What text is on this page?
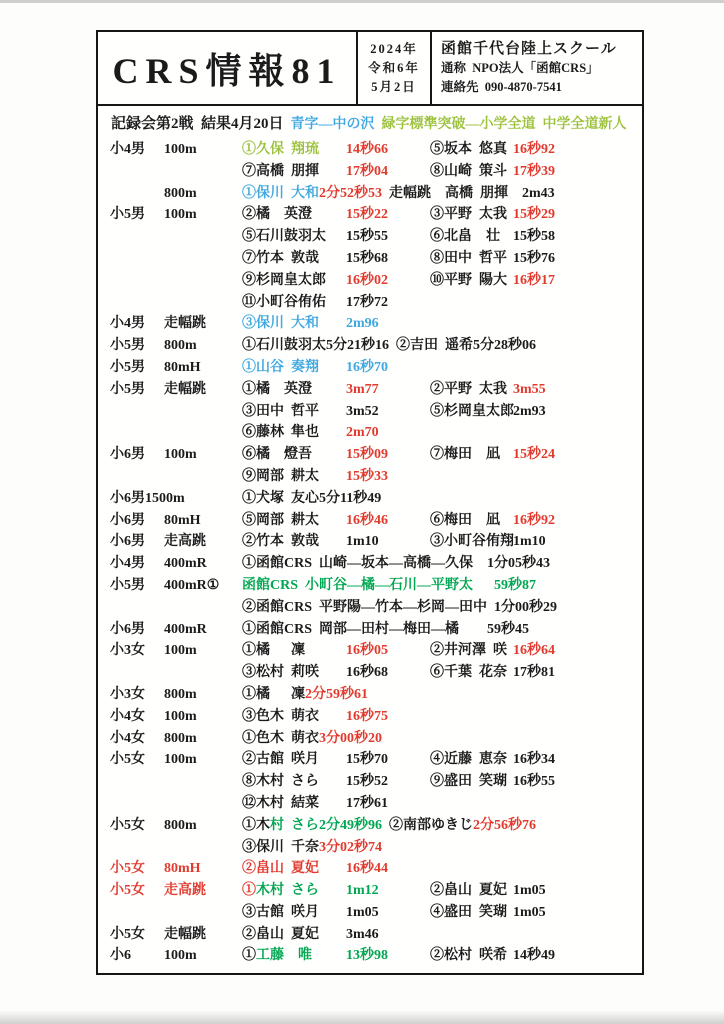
CRS情報81
2024年
令和6年
5月2日
函館千代台陸上スクール
通称  NPO法人「函館CRS」
連絡先  090-4870-7541
記録会第2戦  結果4月20日  青字—中の沢  緑字標準突破—小学全道  中学全道新人
小4男	100m	①久保  翔琉	14秒66	⑤坂本  悠真 16秒92
⑦高橋  朋揮	17秒04	⑧山崎  策斗 17秒39
800m	①保川  大和2分52秒53  走幅跳    高橋  朋揮    2m43
小5男	100m	②橘    英澄	15秒22	③平野  太我 15秒29
⑤石川鼓羽太	15秒55	⑥北畠    壮 15秒58
⑦竹本  敦哉	15秒68	⑧田中  哲平 15秒76
⑨杉岡皇太郎	16秒02	⑩平野  陽大 16秒17
⑪小町谷侑佑	17秒72
小4男	走幅跳	③保川  大和	2m96
小5男	800m	①石川鼓羽太5分21秒16  ②吉田  遥希5分28秒06
小5男	80mH	①山谷  奏翔	16秒70
小5男	走幅跳	①橘    英澄	3m77	②平野  太我 3m55
③田中  哲平	3m52	⑤杉岡皇太郎 2m93
⑥藤林  隼也	2m70
小6男	100m	⑥橘    燈吾	15秒09	⑦梅田    凪 15秒24
⑨岡部  耕太	15秒33
小6男1500m	①犬塚  友心5分11秒49
小6男	80mH	⑤岡部  耕太	16秒46	⑥梅田    凪 16秒92
小6男	走高跳	②竹本  敦哉	1m10	③小町谷侑翔 1m10
小4男	400mR	①函館CRS  山崎—坂本—高橋—久保    1分05秒43
小5男	400mR①	函館CRS  小町谷—橘—石川—平野太      59秒87
②函館CRS  平野陽—竹本—杉岡—田中  1分00秒29
小6男	400mR	①函館CRS  岡部—田村—梅田—橘        59秒45
小3女	100m	①橘      凜	16秒05	②井河澤  咲 16秒64
③松村  莉咲	16秒68	⑥千葉  花奈 17秒81
小3女	800m	①橘      凜2分59秒61
小4女	100m	③色木  萌衣	16秒75
小4女	800m	①色木  萌衣3分00秒20
小5女	100m	②古館  咲月	15秒70	④近藤  恵奈 16秒34
⑧木村  さら	15秒52	⑨盛田  笑瑚 16秒55
⑫木村  結菜	17秒61
小5女	800m	①木村  さら2分49秒96  ②南部ゆきじ2分56秒76
③保川  千奈3分02秒74
小5女	80mH	②畠山  夏妃	16秒44
小5女	走高跳	①木村  さら	1m12	②畠山  夏妃 1m05
③古館  咲月	1m05	④盛田  笑瑚 1m05
小5女	走幅跳	②畠山  夏妃	3m46
小6	100m	①工藤    唯	13秒98	②松村  咲希 14秒49
